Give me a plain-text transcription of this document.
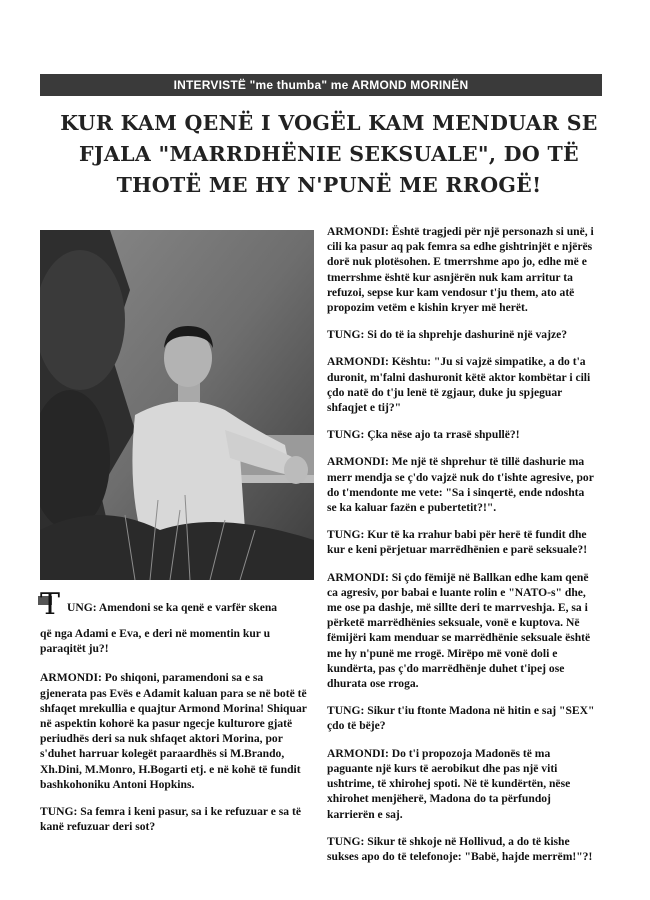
INTERVISTË "me thumba" me ARMOND MORINËN
KUR KAM QENË I VOGËL KAM MENDUAR SE FJALA "MARRDHËNIE SEKSUALE", DO TË THOTË ME HY N'PUNË ME RROGË!
T UNG: Amendoni se ka qenë e varfër skena
që nga Adami e Eva, e deri në momentin kur u paraqitët ju?!

ARMONDI: Po shiqoni, paramendoni sa e sa gjenerata pas Evës e Adamit kaluan para se në botë të shfaqet mrekullia e quajtur Armond Morina! Shiquar në aspektin kohorë ka pasur ngecje kulturore gjatë periudhës deri sa nuk shfaqet aktori Morina, por s'duhet harruar kolegët paraardhës si M.Brando, Xh.Dini, M.Monro, H.Bogarti etj. e në kohë të fundit bashkohoniku Antoni Hopkins.

TUNG: Sa femra i keni pasur, sa i ke refuzuar e sa të kanë refuzuar deri sot?

ARMONDI: Është tragjedi për një personazh si unë, i cili ka pasur aq pak femra sa edhe gishtrinjët e njërës dorë nuk plotësohen. E tmerrshme apo jo, edhe më e tmerrshme është kur asnjërën nuk kam arritur ta refuzoi, sepse kur kam vendosur t'ju them, ato atë propozim vetëm e kishin kryer më herët.

TUNG: Si do të ia shprehje dashurinë një vajze?

ARMONDI: Kështu: "Ju si vajzë simpatike, a do t'a duronit, m'falni dashuronit këtë aktor kombëtar i cili çdo natë do t'ju lenë të zgjaur, duke ju spjeguar shfaqjet e tij?"

TUNG: Çka nëse ajo ta rrasë shpullë?!

ARMONDI: Me një të shprehur të tillë dashurie ma merr mendja se ç'do vajzë nuk do t'ishte agresive, por do t'mendonte me vete: "Sa i sinqertë, ende ndoshta se ka kaluar fazën e pubertetit?!".

TUNG: Kur të ka rrahur babi për herë të fundit dhe kur e keni përjetuar marrëdhënien e parë seksuale?!

ARMONDI: Si çdo fëmijë në Ballkan edhe kam qenë ca agresiv, por babai e luante rolin e "NATO-s" dhe, me ose pa dashje, më sillte deri te marrveshja. E, sa i përketë marrëdhënies seksuale, vonë e kuptova. Në fëmijëri kam menduar se marrëdhënie seksuale është me hy n'punë me rrogë. Mirëpo më vonë doli e kundërta, pas ç'do marrëdhënje duhet t'ipej ose dhurata ose rroga.

TUNG: Sikur t'iu ftonte Madona në hitin e saj "SEX" çdo të bëje?

ARMONDI: Do t'i propozoja Madonës të ma paguante një kurs të aerobikut dhe pas një viti ushtrime, të xhirohej spoti. Në të kundërtën, nëse xhirohet menjëherë, Madona do ta përfundoj karrierën e saj.

TUNG: Sikur të shkoje në Hollivud, a do të kishe sukses apo do të telefonoje: "Babë, hajde merrëm!"?!
